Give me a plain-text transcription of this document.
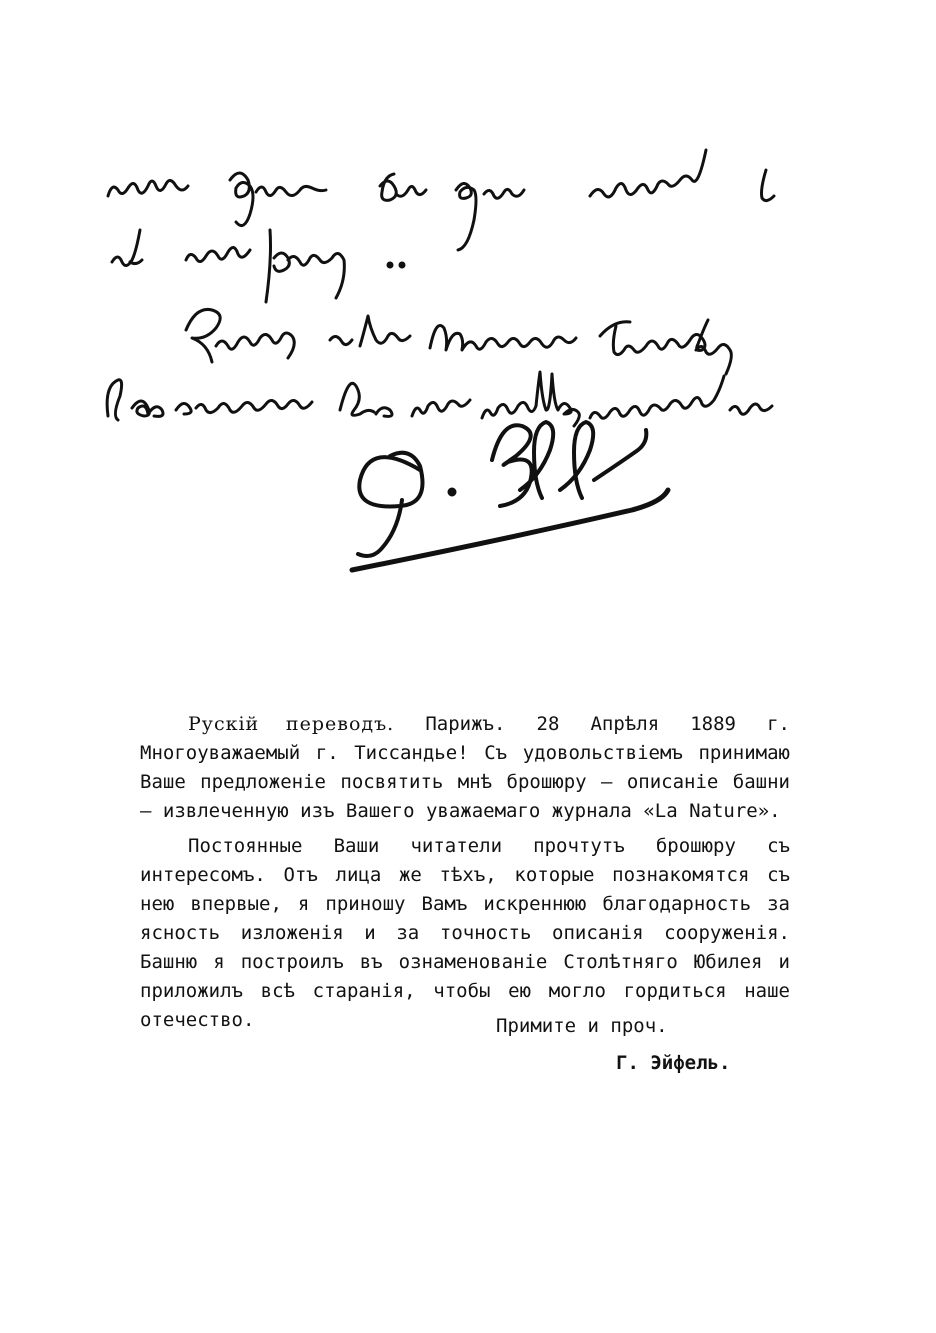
Рускій переводъ. Парижъ. 28 Апрѣля 1889 г. Многоуважаемый г. Тиссандье! Съ удовольствіемъ принимаю Ваше предложеніе посвятить мнѣ брошюру — описаніе башни — извлеченную изъ Вашего уважаемаго журнала «La Nature».

Постоянные Ваши читатели прочтутъ брошюру съ интересомъ. Отъ лица же тѣхъ, которые познакомятся съ нею впервые, я приношу Вамъ искреннюю благодарность за ясность изложенія и за точность описанія сооруженія. Башню я построилъ въ ознаменованіе Столѣтняго Юбилея и приложилъ всѣ старанія, чтобы ею могло гордиться наше отечество.	Примите и проч.
Г. Эйфель.
